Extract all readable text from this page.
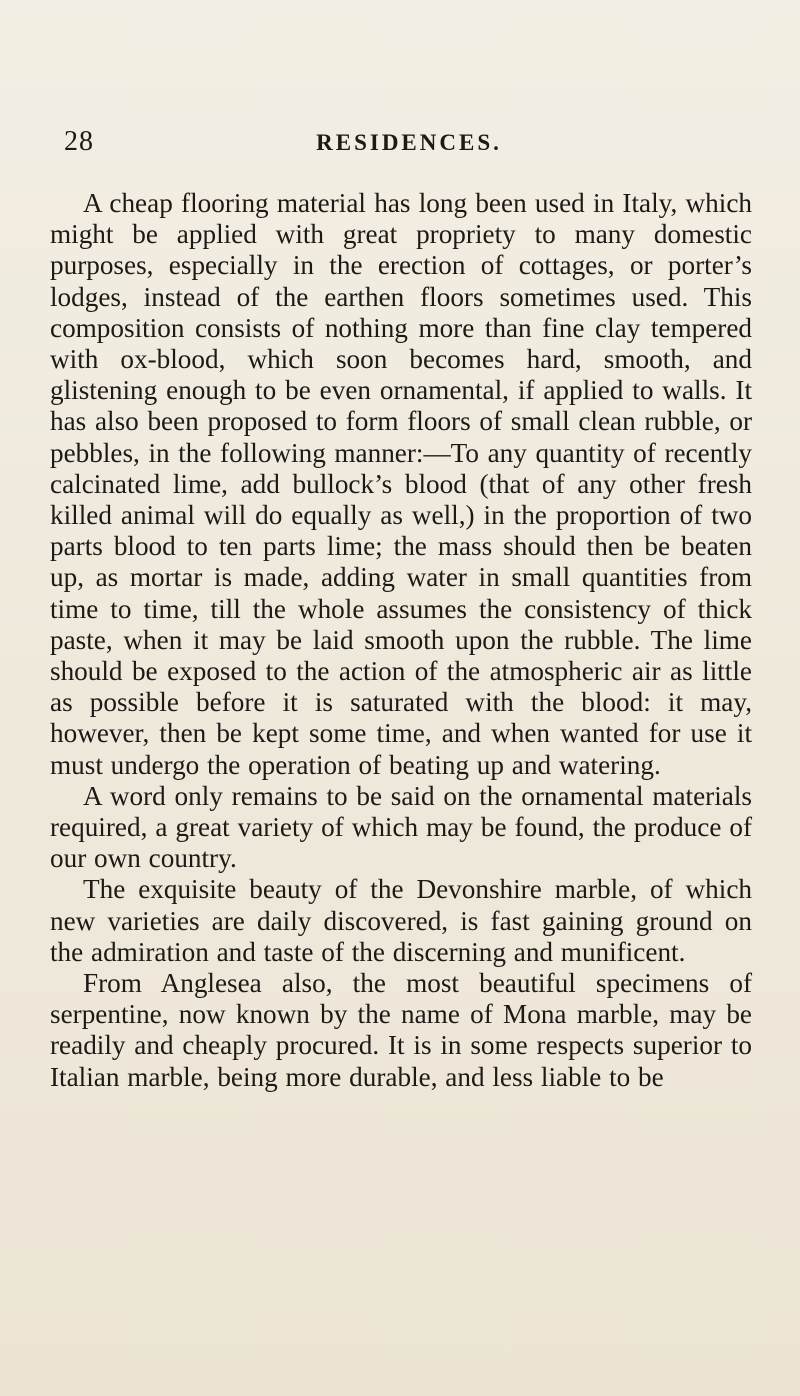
28	RESIDENCES.

A cheap flooring material has long been used in Italy, which might be applied with great propriety to many domestic purposes, especially in the erection of cottages, or porter’s lodges, instead of the earthen floors sometimes used. This composition consists of nothing more than fine clay tempered with ox-blood, which soon becomes hard, smooth, and glistening enough to be even ornamental, if applied to walls. It has also been proposed to form floors of small clean rubble, or pebbles, in the following manner:—To any quantity of recently calcinated lime, add bullock’s blood (that of any other fresh killed animal will do equally as well,) in the proportion of two parts blood to ten parts lime; the mass should then be beaten up, as mortar is made, adding water in small quantities from time to time, till the whole assumes the consistency of thick paste, when it may be laid smooth upon the rubble. The lime should be exposed to the action of the atmospheric air as little as possible before it is saturated with the blood: it may, however, then be kept some time, and when wanted for use it must undergo the operation of beating up and watering.

A word only remains to be said on the ornamental materials required, a great variety of which may be found, the produce of our own country.

The exquisite beauty of the Devonshire marble, of which new varieties are daily discovered, is fast gaining ground on the admiration and taste of the discerning and munificent.

From Anglesea also, the most beautiful specimens of serpentine, now known by the name of Mona marble, may be readily and cheaply procured. It is in some respects superior to Italian marble, being more durable, and less liable to be
